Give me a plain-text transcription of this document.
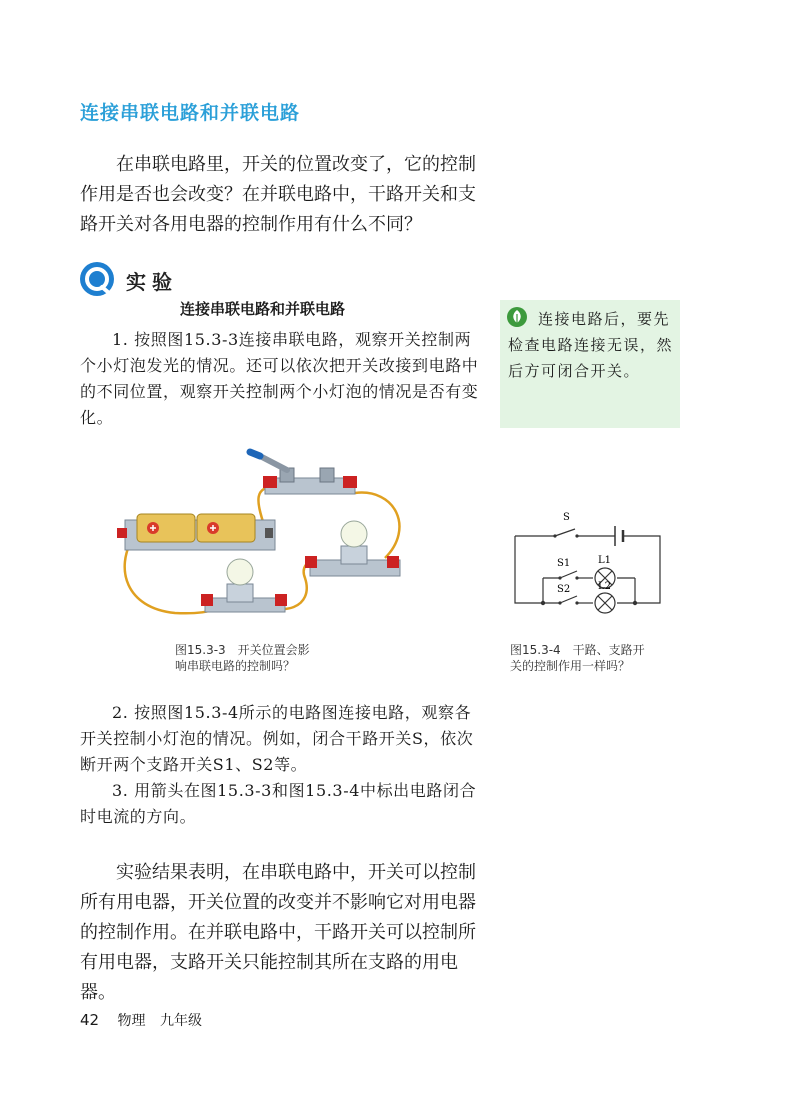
连接串联电路和并联电路

在串联电路里，开关的位置改变了，它的控制作用是否也会改变？在并联电路中，干路开关和支路开关对各用电器的控制作用有什么不同？

实验
连接串联电路和并联电路

1. 按照图15.3-3连接串联电路，观察开关控制两个小灯泡发光的情况。还可以依次把开关改接到电路中的不同位置，观察开关控制两个小灯泡的情况是否有变化。

连接电路后，要先检查电路连接无误，然后方可闭合开关。
图15.3-3　开关位置会影
响串联电路的控制吗？
S
S1	L1
S2	L2
图15.3-4　干路、支路开
关的控制作用一样吗？

2. 按照图15.3-4所示的电路图连接电路，观察各开关控制小灯泡的情况。例如，闭合干路开关S，依次断开两个支路开关S1、S2等。

3. 用箭头在图15.3-3和图15.3-4中标出电路闭合时电流的方向。

实验结果表明，在串联电路中，开关可以控制所有用电器，开关位置的改变并不影响它对用电器的控制作用。在并联电路中，干路开关可以控制所有用电器，支路开关只能控制其所在支路的用电器。

42 物理 九年级
